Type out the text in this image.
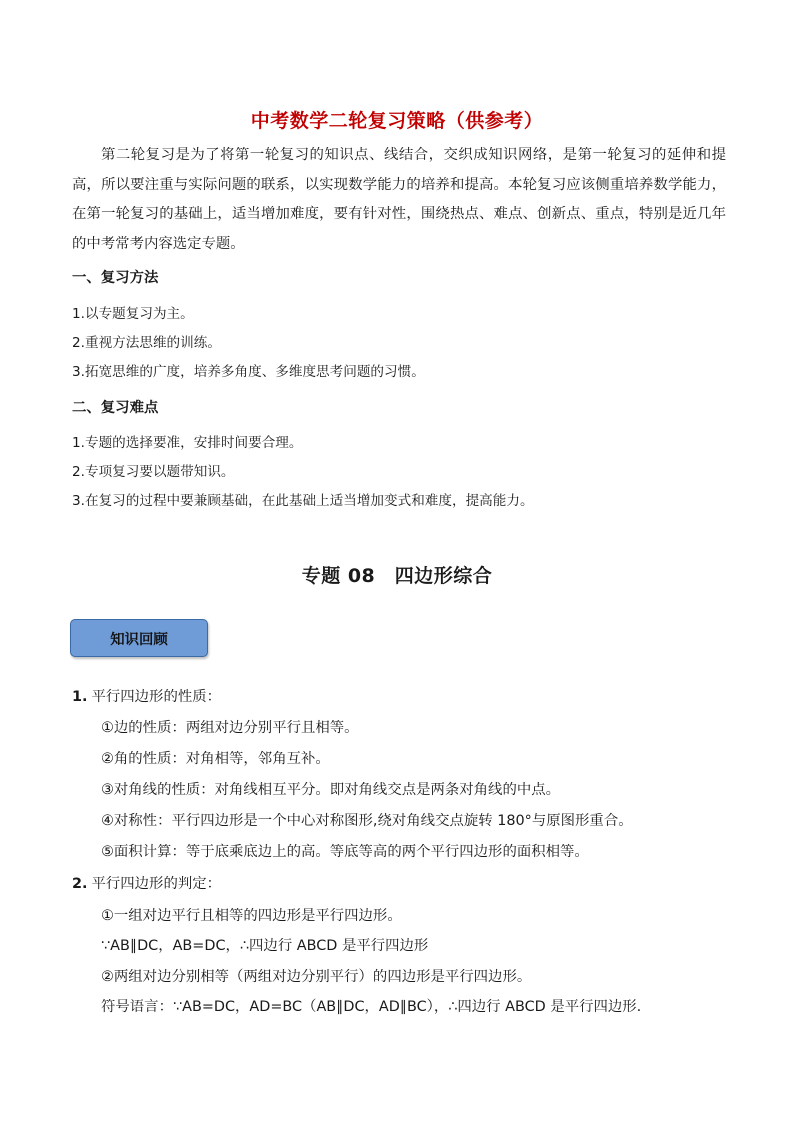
中考数学二轮复习策略（供参考）

第二轮复习是为了将第一轮复习的知识点、线结合，交织成知识网络，是第一轮复习的延伸和提高，所以要注重与实际问题的联系，以实现数学能力的培养和提高。本轮复习应该侧重培养数学能力，在第一轮复习的基础上，适当增加难度，要有针对性，围绕热点、难点、创新点、重点，特别是近几年的中考常考内容选定专题。

一、复习方法

1.以专题复习为主。

2.重视方法思维的训练。

3.拓宽思维的广度，培养多角度、多维度思考问题的习惯。

二、复习难点

1.专题的选择要准，安排时间要合理。

2.专项复习要以题带知识。

3.在复习的过程中要兼顾基础，在此基础上适当增加变式和难度，提高能力。

专题 08　四边形综合
知识回顾

1. 平行四边形的性质：

①边的性质：两组对边分别平行且相等。

②角的性质：对角相等，邻角互补。

③对角线的性质：对角线相互平分。即对角线交点是两条对角线的中点。

④对称性：平行四边形是一个中心对称图形,绕对角线交点旋转 180°与原图形重合。

⑤面积计算：等于底乘底边上的高。等底等高的两个平行四边形的面积相等。

2. 平行四边形的判定：

①一组对边平行且相等的四边形是平行四边形。

∵AB∥DC，AB=DC，∴四边行 ABCD 是平行四边形

②两组对边分别相等（两组对边分别平行）的四边形是平行四边形。

符号语言：∵AB=DC，AD=BC（AB∥DC，AD∥BC），∴四边行 ABCD 是平行四边形.
